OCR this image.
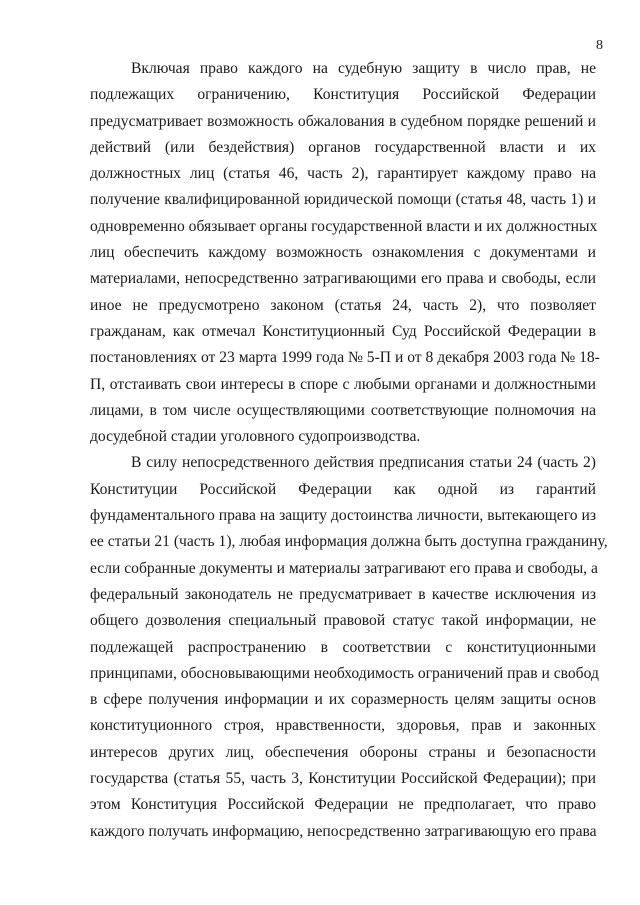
8

Включая право каждого на судебную защиту в число прав, не
подлежащих ограничению, Конституция Российской Федерации
предусматривает возможность обжалования в судебном порядке решений и
действий (или бездействия) органов государственной власти и их
должностных лиц (статья 46, часть 2), гарантирует каждому право на
получение квалифицированной юридической помощи (статья 48, часть 1) и
одновременно обязывает органы государственной власти и их должностных
лиц обеспечить каждому возможность ознакомления с документами и
материалами, непосредственно затрагивающими его права и свободы, если
иное не предусмотрено законом (статья 24, часть 2), что позволяет
гражданам, как отмечал Конституционный Суд Российской Федерации в
постановлениях от 23 марта 1999 года № 5-П и от 8 декабря 2003 года № 18-
П, отстаивать свои интересы в споре с любыми органами и должностными
лицами, в том числе осуществляющими соответствующие полномочия на
досудебной стадии уголовного судопроизводства.

В силу непосредственного действия предписания статьи 24 (часть 2)
Конституции Российской Федерации как одной из гарантий
фундаментального права на защиту достоинства личности, вытекающего из
ее статьи 21 (часть 1), любая информация должна быть доступна гражданину,
если собранные документы и материалы затрагивают его права и свободы, а
федеральный законодатель не предусматривает в качестве исключения из
общего дозволения специальный правовой статус такой информации, не
подлежащей распространению в соответствии с конституционными
принципами, обосновывающими необходимость ограничений прав и свобод
в сфере получения информации и их соразмерность целям защиты основ
конституционного строя, нравственности, здоровья, прав и законных
интересов других лиц, обеспечения обороны страны и безопасности
государства (статья 55, часть 3, Конституции Российской Федерации); при
этом Конституция Российской Федерации не предполагает, что право
каждого получать информацию, непосредственно затрагивающую его права
